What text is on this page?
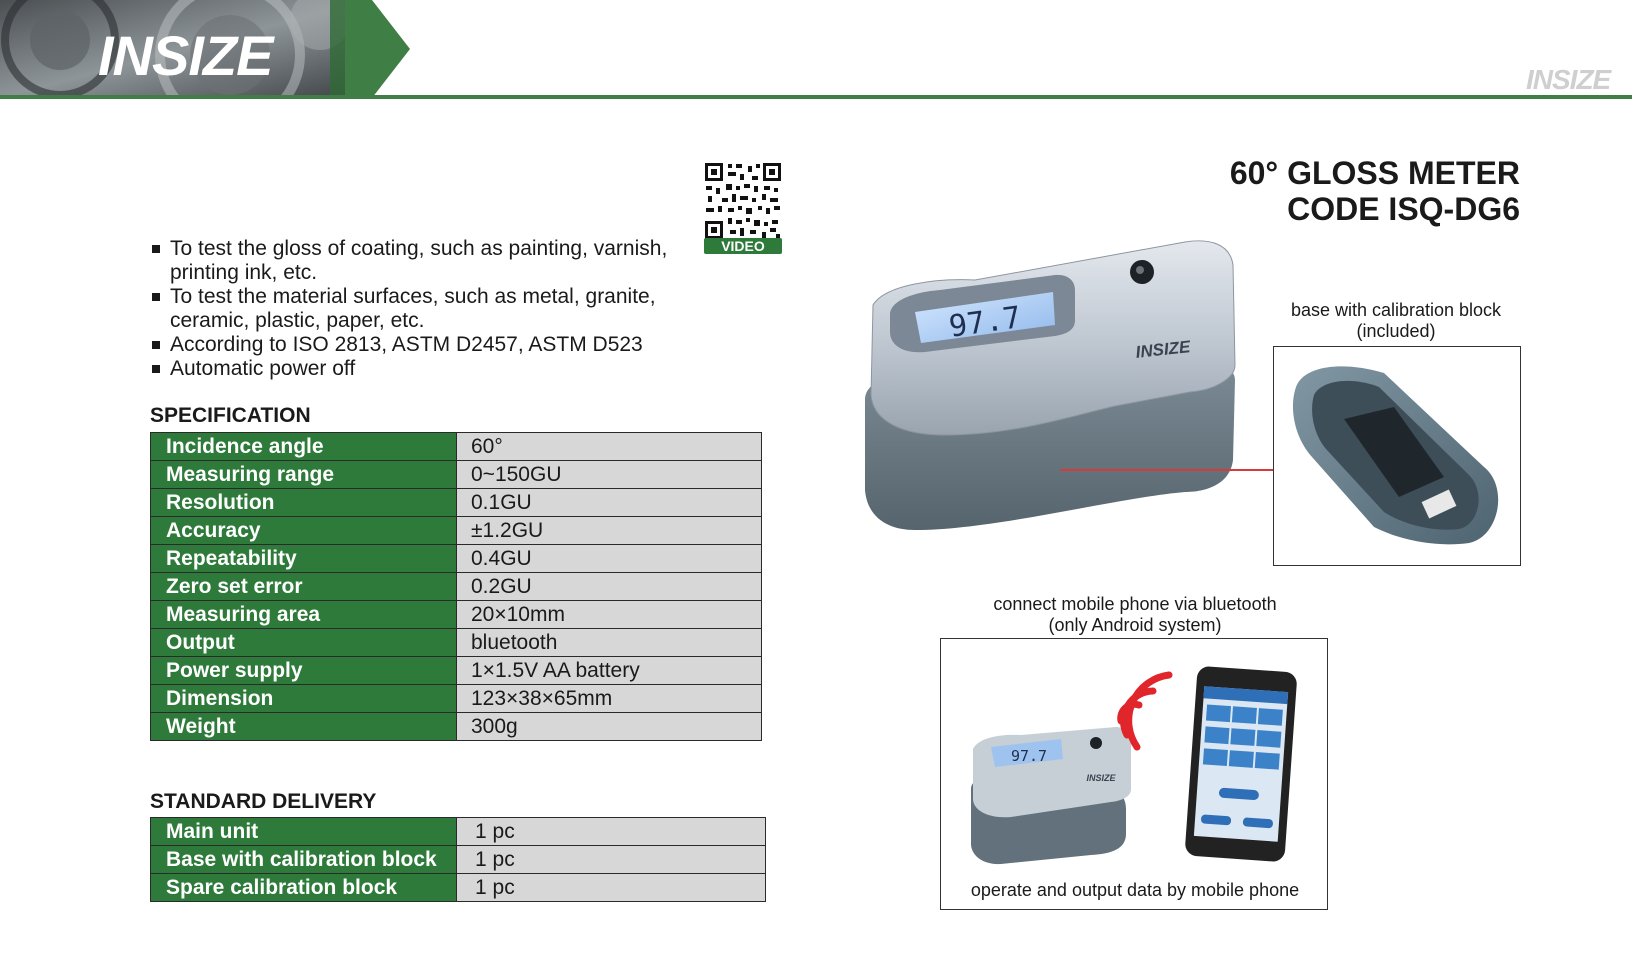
INSIZE	INSIZE
60° GLOSS METER
CODE ISQ-DG6
VIDEO
To test the gloss of coating, such as painting, varnish, printing ink, etc.
To test the material surfaces, such as metal, granite, ceramic, plastic, paper, etc.
According to ISO 2813, ASTM D2457, ASTM D523
Automatic power off
SPECIFICATION
Incidence angle	60°
Measuring range	0~150GU
Resolution	0.1GU
Accuracy	±1.2GU
Repeatability	0.4GU
Zero set error	0.2GU
Measuring area	20×10mm
Output	bluetooth
Power supply	1×1.5V AA battery
Dimension	123×38×65mm
Weight	300g
STANDARD DELIVERY
Main unit	1 pc
Base with calibration block	1 pc
Spare calibration block	1 pc
97.7
INSIZE
base with calibration block
(included)
connect mobile phone via bluetooth
(only Android system)
97.7
INSIZE
operate and output data by mobile phone
